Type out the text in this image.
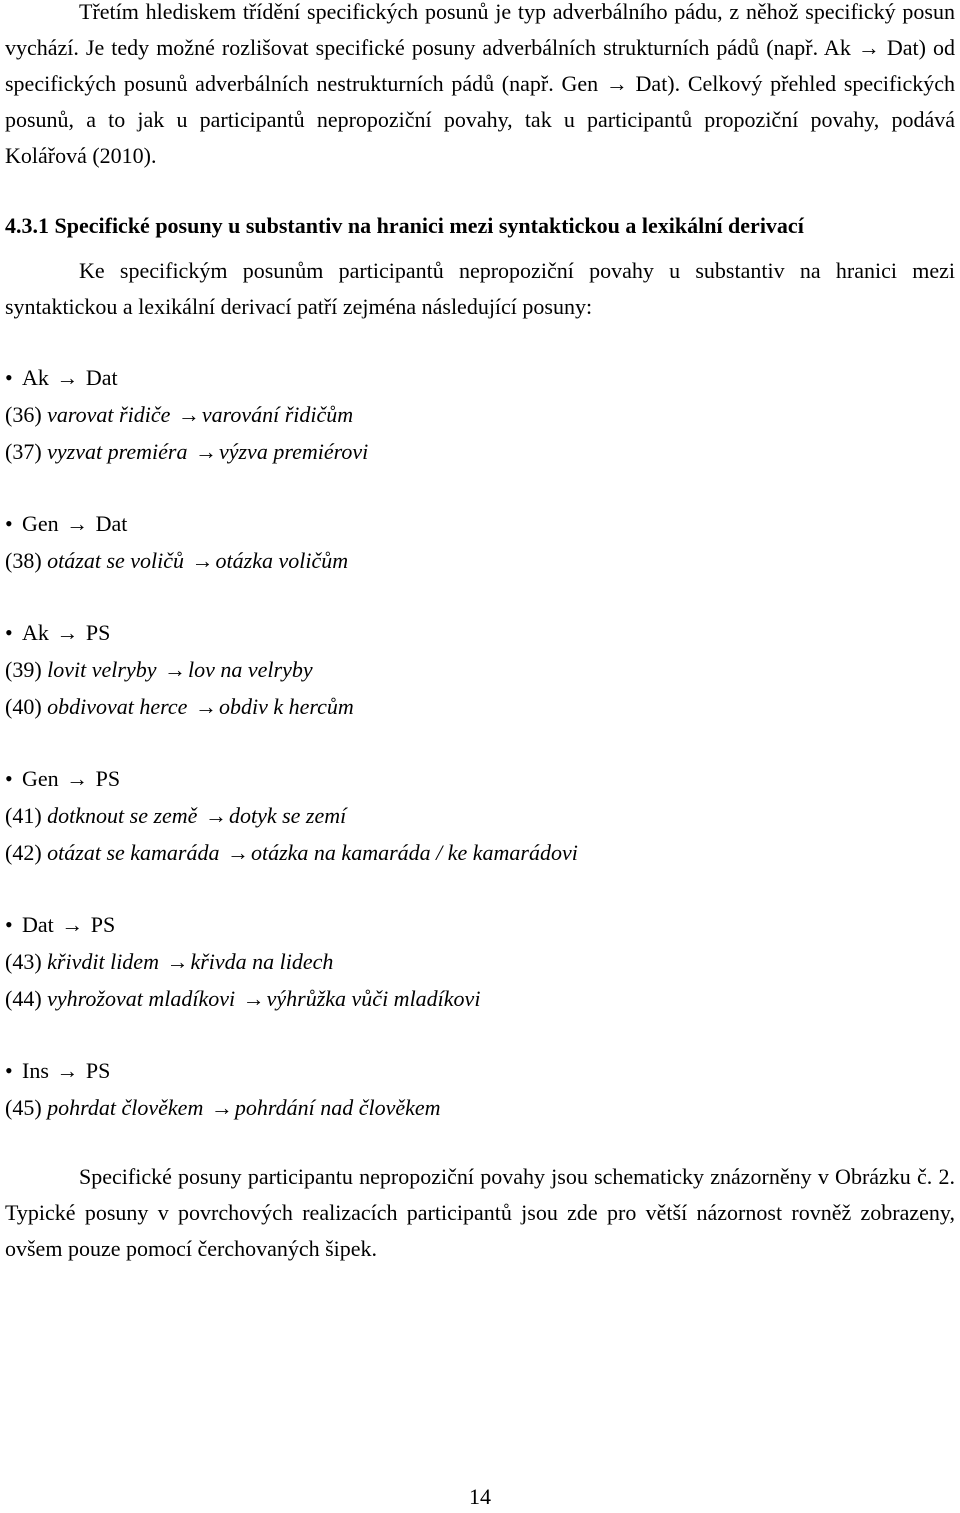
Třetím hlediskem třídění specifických posunů je typ adverbálního pádu, z něhož specifický posun vychází. Je tedy možné rozlišovat specifické posuny adverbálních strukturních pádů (např. Ak → Dat) od specifických posunů adverbálních nestrukturních pádů (např. Gen → Dat). Celkový přehled specifických posunů, a to jak u participantů nepropoziční povahy, tak u participantů propoziční povahy, podává Kolářová (2010).

4.3.1 Specifické posuny u substantiv na hranici mezi syntaktickou a lexikální derivací

Ke specifickým posunům participantů nepropoziční povahy u substantiv na hranici mezi syntaktickou a lexikální derivací patří zejména následující posuny:

• Ak → Dat
(36) varovat řidiče →varování řidičům
(37) vyzvat premiéra →výzva premiérovi
• Gen → Dat
(38) otázat se voličů →otázka voličům
• Ak → PS
(39) lovit velryby →lov na velryby
(40) obdivovat herce →obdiv k hercům
• Gen → PS
(41) dotknout se země →dotyk se zemí
(42) otázat se kamaráda →otázka na kamaráda / ke kamarádovi
• Dat → PS
(43) křivdit lidem →křivda na lidech
(44) vyhrožovat mladíkovi →výhrůžka vůči mladíkovi
• Ins → PS
(45) pohrdat člověkem →pohrdání nad člověkem

Specifické posuny participantu nepropoziční povahy jsou schematicky znázorněny v Obrázku č. 2. Typické posuny v povrchových realizacích participantů jsou zde pro větší názornost rovněž zobrazeny, ovšem pouze pomocí čerchovaných šipek.

14
